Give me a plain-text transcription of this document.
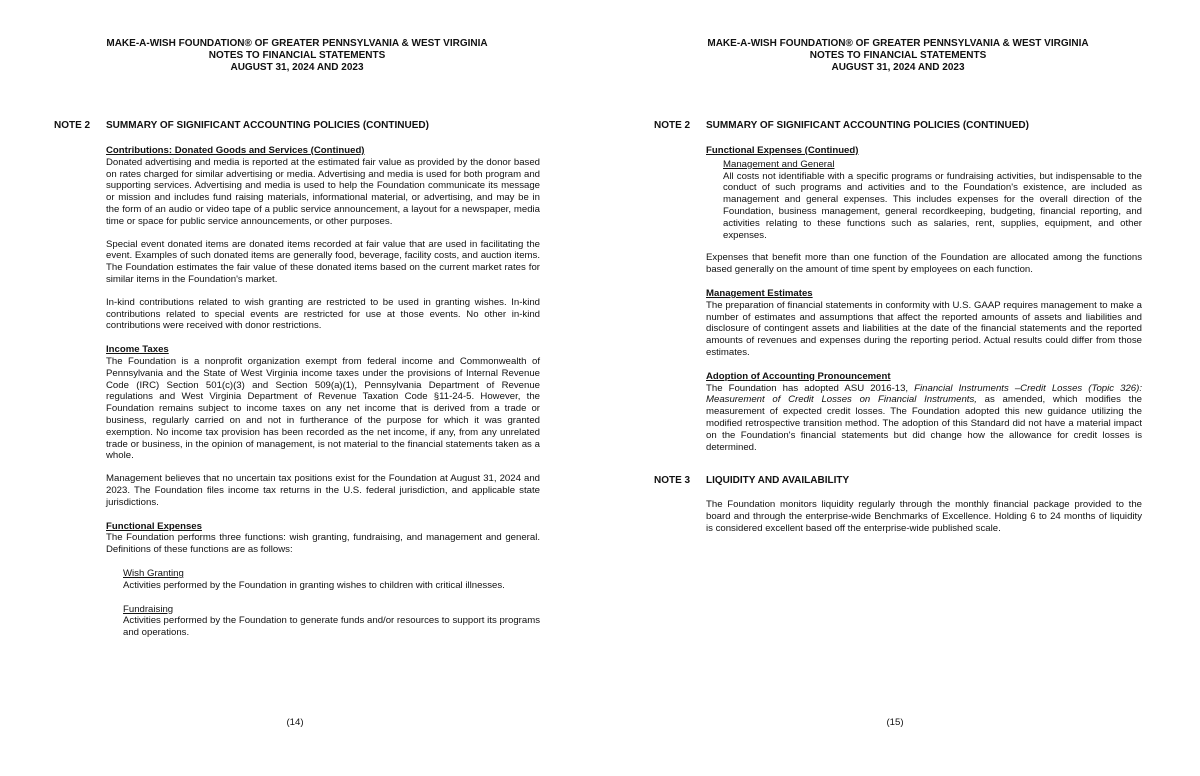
MAKE-A-WISH FOUNDATION® OF GREATER PENNSYLVANIA & WEST VIRGINIA
NOTES TO FINANCIAL STATEMENTS
AUGUST 31, 2024 AND 2023
NOTE 2	SUMMARY OF SIGNIFICANT ACCOUNTING POLICIES (CONTINUED)
Contributions: Donated Goods and Services (Continued)

Donated advertising and media is reported at the estimated fair value as provided by the donor based on rates charged for similar advertising or media. Advertising and media is used for both program and supporting services. Advertising and media is used to help the Foundation communicate its message or mission and includes fund raising materials, informational material, or advertising, and may be in the form of an audio or video tape of a public service announcement, a layout for a newspaper, media time or space for public service announcements, or other purposes.

Special event donated items are donated items recorded at fair value that are used in facilitating the event. Examples of such donated items are generally food, beverage, facility costs, and auction items. The Foundation estimates the fair value of these donated items based on the current market rates for similar items in the Foundation's market.

In-kind contributions related to wish granting are restricted to be used in granting wishes. In-kind contributions related to special events are restricted for use at those events. No other in-kind contributions were received with donor restrictions.

Income Taxes

The Foundation is a nonprofit organization exempt from federal income and Commonwealth of Pennsylvania and the State of West Virginia income taxes under the provisions of Internal Revenue Code (IRC) Section 501(c)(3) and Section 509(a)(1), Pennsylvania Department of Revenue regulations and West Virginia Department of Revenue Taxation Code §11-24-5. However, the Foundation remains subject to income taxes on any net income that is derived from a trade or business, regularly carried on and not in furtherance of the purpose for which it was granted exemption. No income tax provision has been recorded as the net income, if any, from any unrelated trade or business, in the opinion of management, is not material to the financial statements taken as a whole.

Management believes that no uncertain tax positions exist for the Foundation at August 31, 2024 and 2023. The Foundation files income tax returns in the U.S. federal jurisdiction, and applicable state jurisdictions.

Functional Expenses

The Foundation performs three functions: wish granting, fundraising, and management and general. Definitions of these functions are as follows:

Wish Granting

Activities performed by the Foundation in granting wishes to children with critical illnesses.

Fundraising

Activities performed by the Foundation to generate funds and/or resources to support its programs and operations.

(14)
MAKE-A-WISH FOUNDATION® OF GREATER PENNSYLVANIA & WEST VIRGINIA
NOTES TO FINANCIAL STATEMENTS
AUGUST 31, 2024 AND 2023
NOTE 2	SUMMARY OF SIGNIFICANT ACCOUNTING POLICIES (CONTINUED)
Functional Expenses (Continued)
Management and General

All costs not identifiable with a specific programs or fundraising activities, but indispensable to the conduct of such programs and activities and to the Foundation's existence, are included as management and general expenses. This includes expenses for the overall direction of the Foundation, business management, general recordkeeping, budgeting, financial reporting, and activities relating to these functions such as salaries, rent, supplies, equipment, and other expenses.

Expenses that benefit more than one function of the Foundation are allocated among the functions based generally on the amount of time spent by employees on each function.

Management Estimates

The preparation of financial statements in conformity with U.S. GAAP requires management to make a number of estimates and assumptions that affect the reported amounts of assets and liabilities and disclosure of contingent assets and liabilities at the date of the financial statements and the reported amounts of revenues and expenses during the reporting period. Actual results could differ from those estimates.

Adoption of Accounting Pronouncement

The Foundation has adopted ASU 2016-13, Financial Instruments –Credit Losses (Topic 326): Measurement of Credit Losses on Financial Instruments, as amended, which modifies the measurement of expected credit losses. The Foundation adopted this new guidance utilizing the modified retrospective transition method. The adoption of this Standard did not have a material impact on the Foundation's financial statements but did change how the allowance for credit losses is determined.

NOTE 3	LIQUIDITY AND AVAILABILITY

The Foundation monitors liquidity regularly through the monthly financial package provided to the board and through the enterprise-wide Benchmarks of Excellence. Holding 6 to 24 months of liquidity is considered excellent based off the enterprise-wide published scale.

(15)
